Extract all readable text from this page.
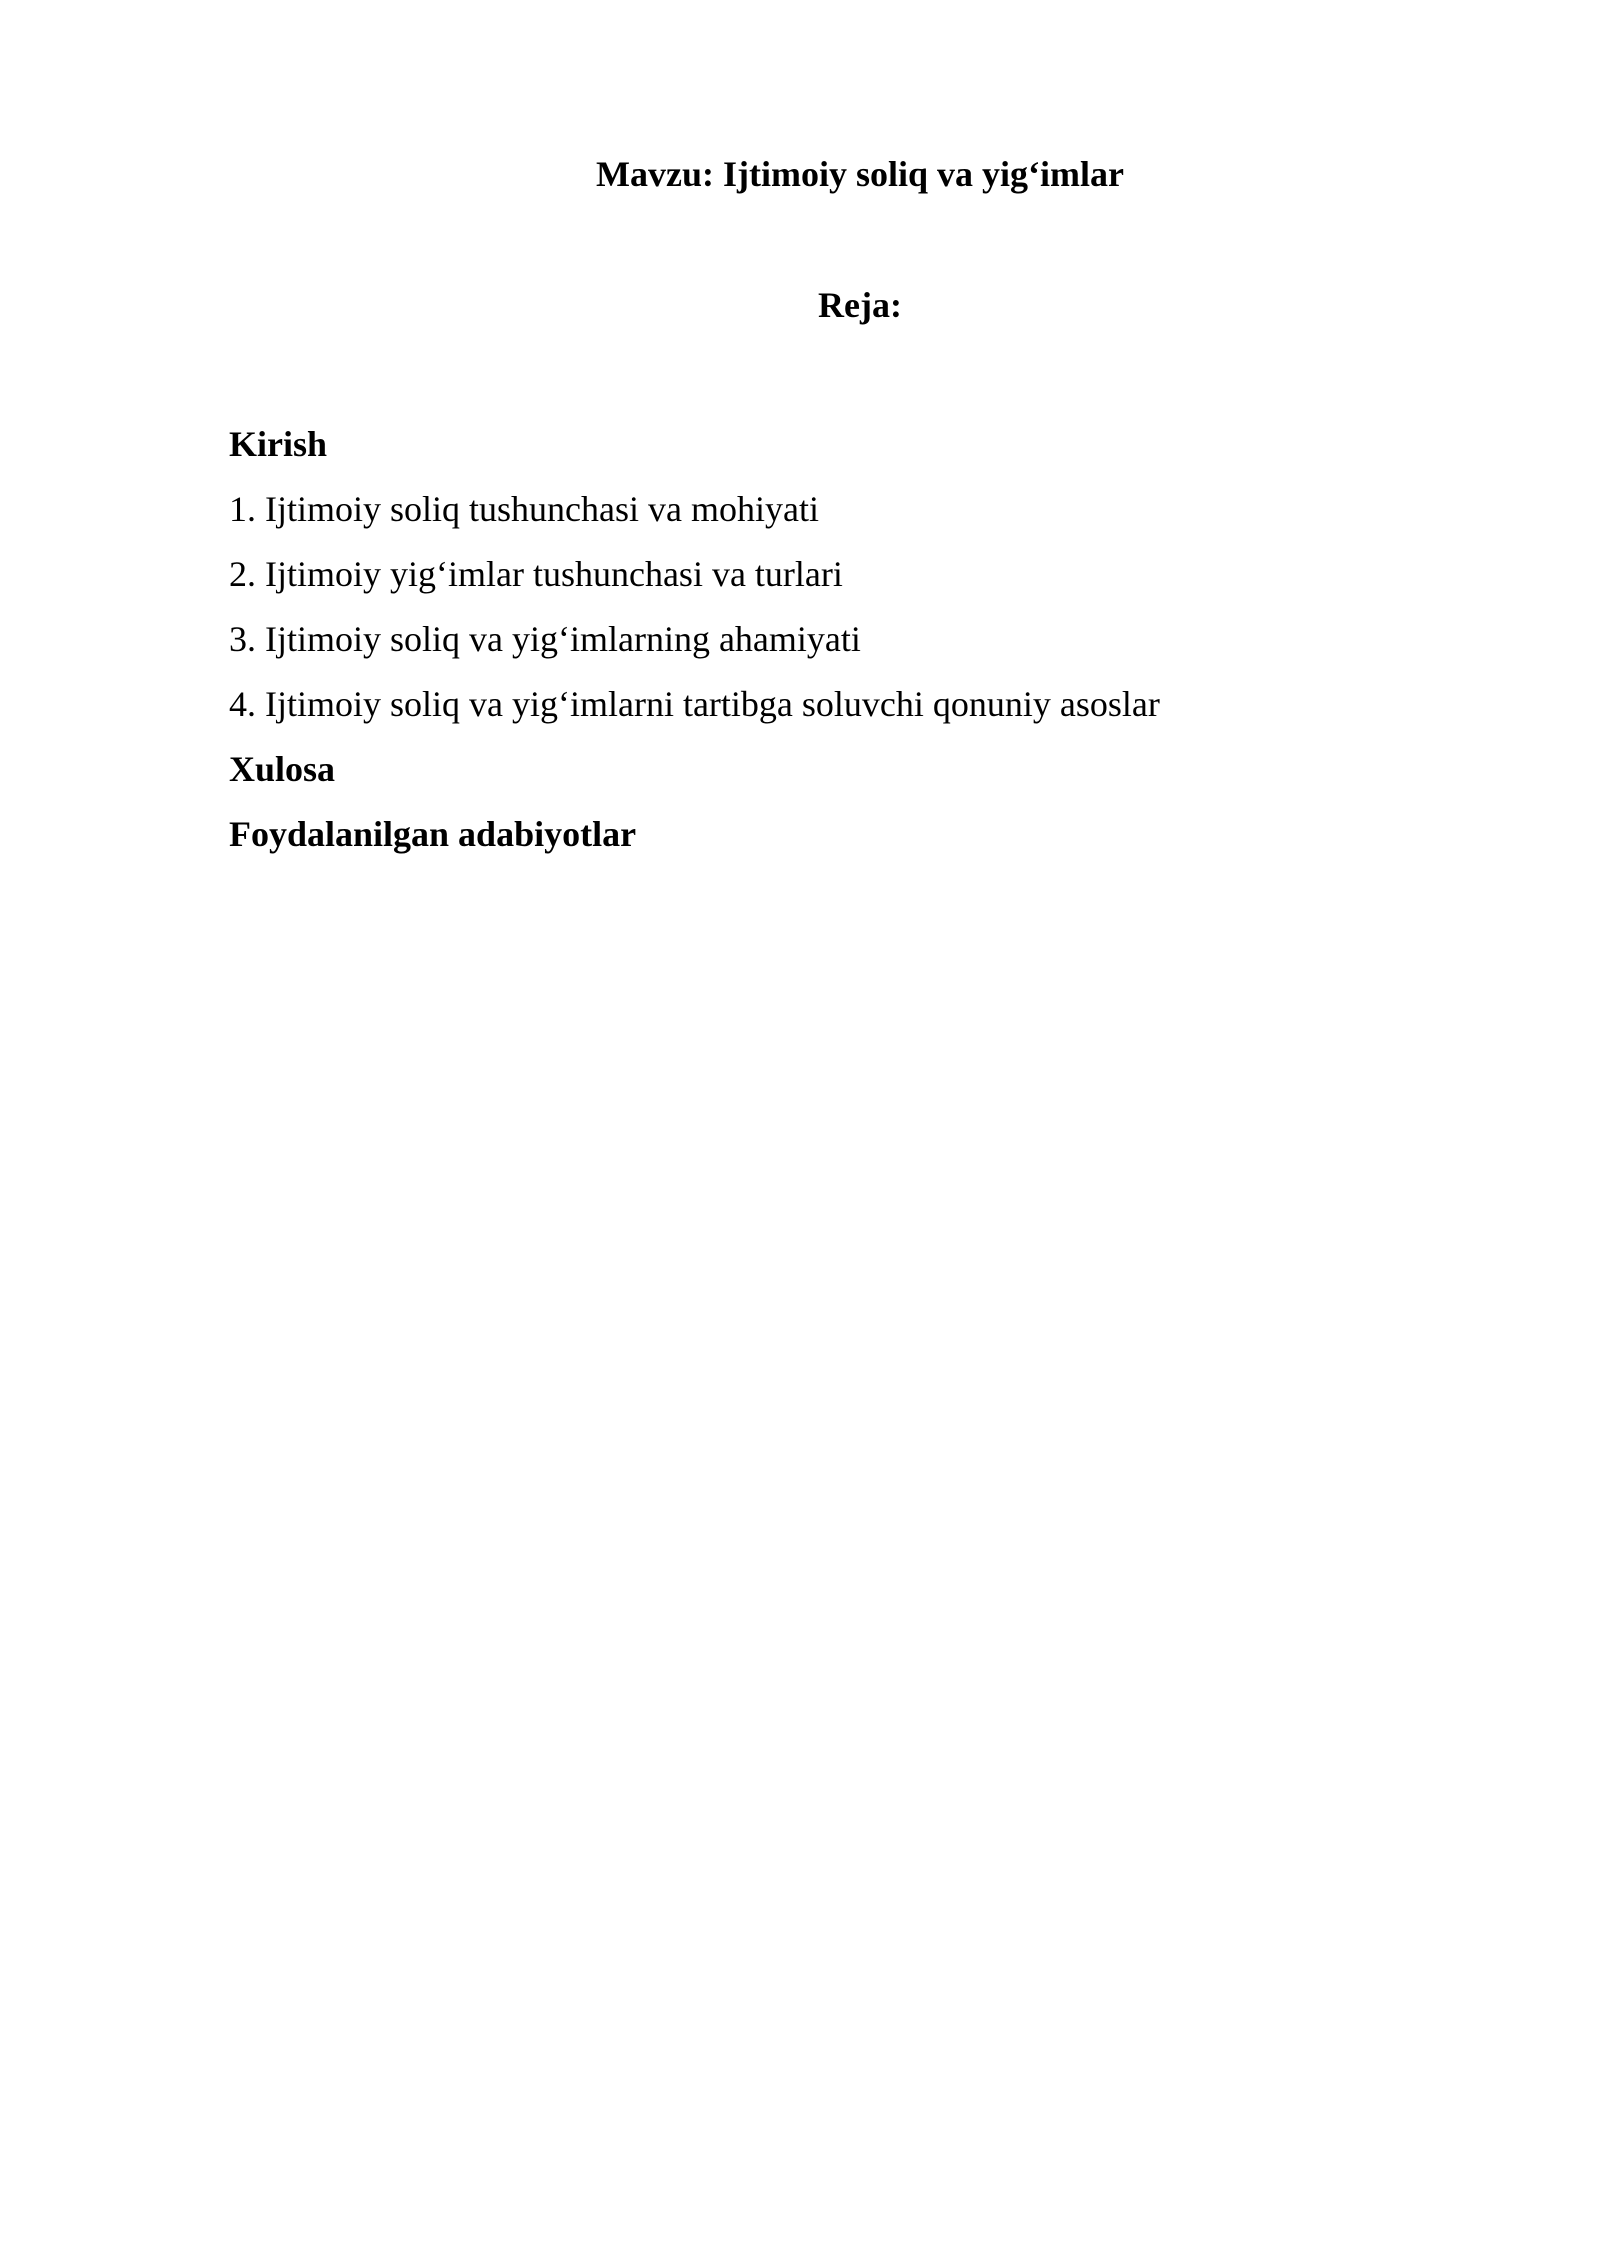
Mavzu: Ijtimoiy soliq va yig‘imlar
Reja:
Kirish
1. Ijtimoiy soliq tushunchasi va mohiyati
2. Ijtimoiy yig‘imlar tushunchasi va turlari
3. Ijtimoiy soliq va yig‘imlarning ahamiyati
4. Ijtimoiy soliq va yig‘imlarni tartibga soluvchi qonuniy asoslar
Xulosa
Foydalanilgan adabiyotlar
